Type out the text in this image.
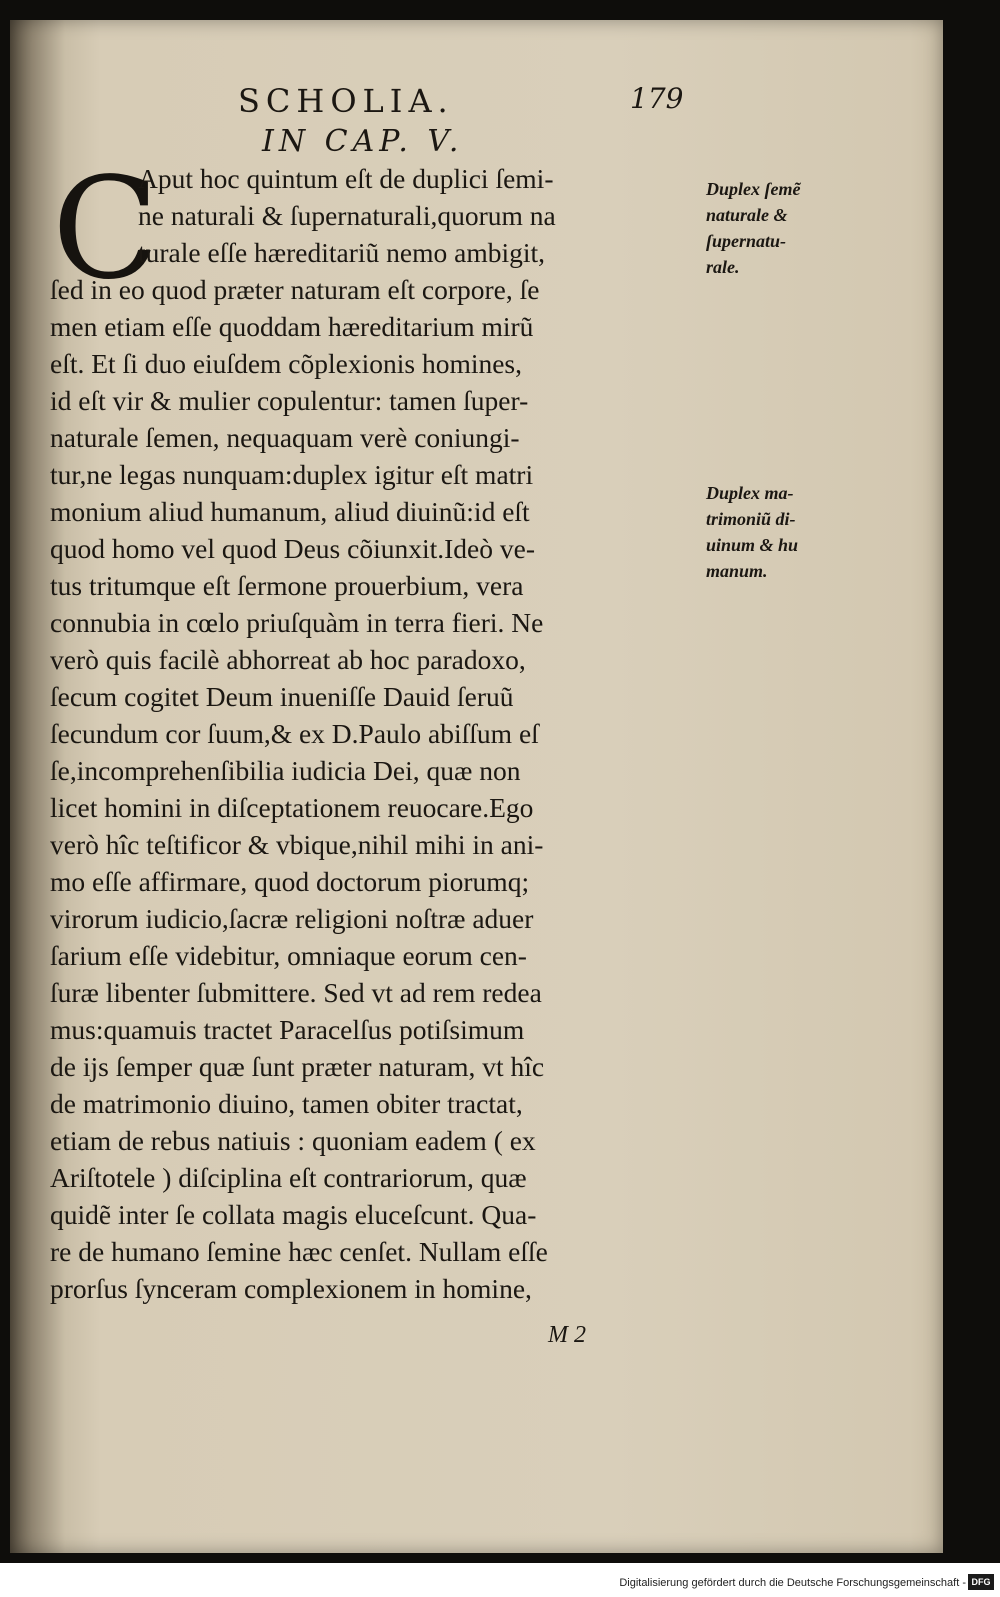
SCHOLIA.	179
IN CAP. V.
C
Aput hoc quintum eſt de duplici ſemi-
ne naturali & ſupernaturali,quorum na
turale eſſe hæreditariũ nemo ambigit,
ſed in eo quod præter naturam eſt corpore, ſe
men etiam eſſe quoddam hæreditarium mirũ
eſt. Et ſi duo eiuſdem cõplexionis homines,
id eſt vir & mulier copulentur: tamen ſuper-
naturale ſemen, nequaquam verè coniungi-
tur,ne legas nunquam:duplex igitur eſt matri
monium aliud humanum, aliud diuinũ:id eſt
quod homo vel quod Deus cõiunxit.Ideò ve-
tus tritumque eſt ſermone prouerbium, vera
connubia in cœlo priuſquàm in terra fieri. Ne
verò quis facilè abhorreat ab hoc paradoxo,
ſecum cogitet Deum inueniſſe Dauid ſeruũ
ſecundum cor ſuum,& ex D.Paulo abiſſum eſ
ſe,incomprehenſibilia iudicia Dei, quæ non
licet homini in diſceptationem reuocare.Ego
verò hîc teſtificor & vbique,nihil mihi in ani-
mo eſſe affirmare, quod doctorum piorumq;
virorum iudicio,ſacræ religioni noſtræ aduer
ſarium eſſe videbitur, omniaque eorum cen-
ſuræ libenter ſubmittere. Sed vt ad rem redea
mus:quamuis tractet Paracelſus potiſsimum
de ijs ſemper quæ ſunt præter naturam, vt hîc
de matrimonio diuino, tamen obiter tractat,
etiam de rebus natiuis : quoniam eadem ( ex
Ariſtotele ) diſciplina eſt contrariorum, quæ
quidẽ inter ſe collata magis eluceſcunt. Qua-
re de humano ſemine hæc cenſet. Nullam eſſe
prorſus ſynceram complexionem in homine,
M 2
Duplex ſemẽ
naturale &
ſupernatu-
rale.
Duplex ma-
trimoniũ di-
uinum & hu
manum.
Digitalisierung gefördert durch die Deutsche Forschungsgemeinschaft - DFG
